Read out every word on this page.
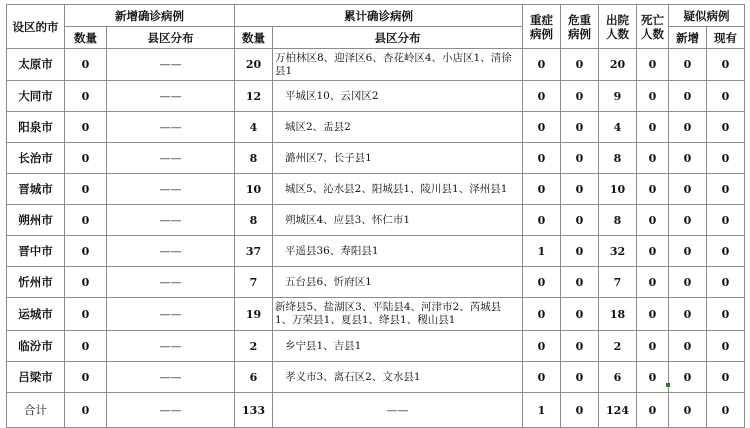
设区的市	新增确诊病例		累计确诊病例		重症病例	危重病例	出院人数	死亡人数	疑似病例	
	数量	县区分布	数量	县区分布					新增	现有
太原市	0	——	20	万柏林区8、迎泽区6、杏花岭区4、小店区1、清徐县1	0	0	20	0	0	0
大同市	0	——	12	平城区10、云冈区2	0	0	9	0	0	0
阳泉市	0	——	4	城区2、盂县2	0	0	4	0	0	0
长治市	0	——	8	潞州区7、长子县1	0	0	8	0	0	0
晋城市	0	——	10	城区5、沁水县2、阳城县1、陵川县1、泽州县1	0	0	10	0	0	0
朔州市	0	——	8	朔城区4、应县3、怀仁市1	0	0	8	0	0	0
晋中市	0	——	37	平遥县36、寿阳县1	1	0	32	0	0	0
忻州市	0	——	7	五台县6、忻府区1	0	0	7	0	0	0
运城市	0	——	19	新绛县5、盐湖区3、平陆县4、河津市2、芮城县1、万荣县1、夏县1、绛县1、稷山县1	0	0	18	0	0	0
临汾市	0	——	2	乡宁县1、吉县1	0	0	2	0	0	0
吕梁市	0	——	6	孝义市3、离石区2、文水县1	0	0	6	0	0	0
合计	0	——	133	——	1	0	124	0	0	0
